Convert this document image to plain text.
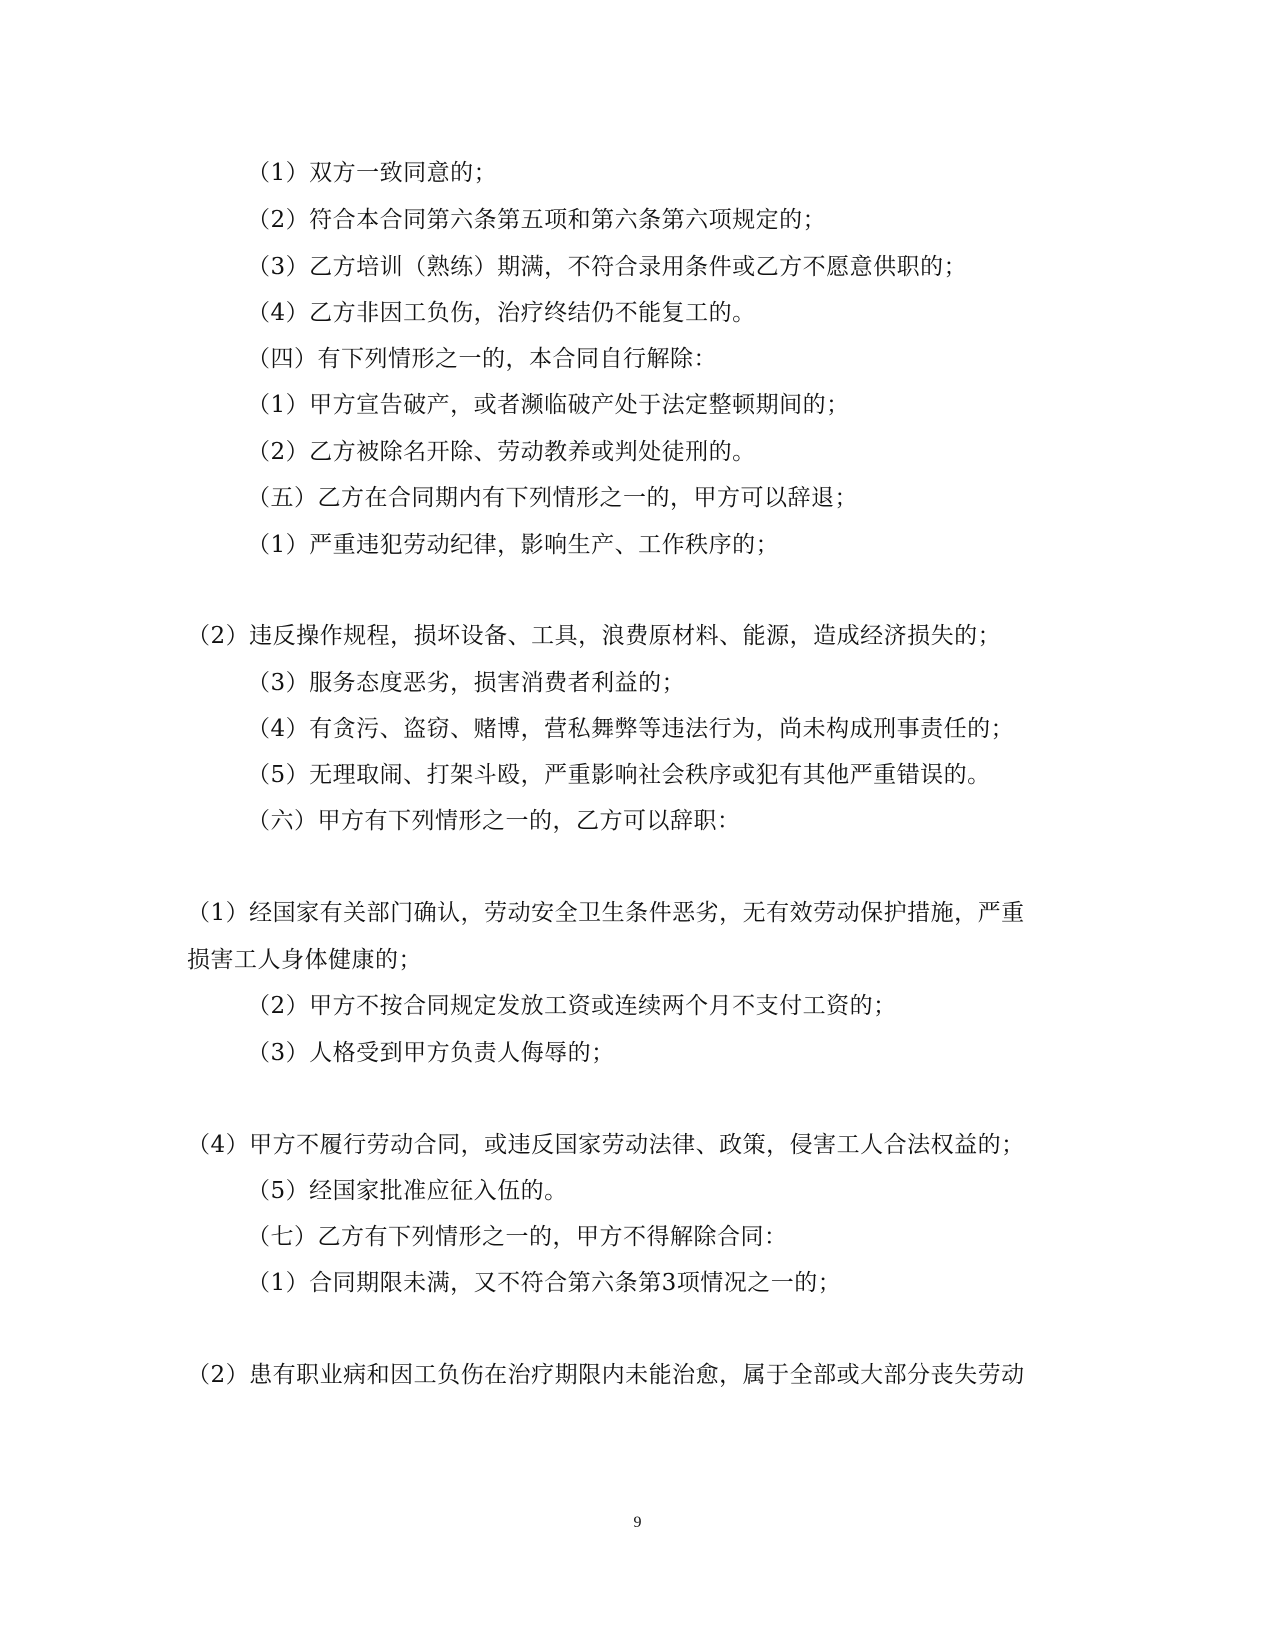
（1）双方一致同意的；
（2）符合本合同第六条第五项和第六条第六项规定的；
（3）乙方培训（熟练）期满，不符合录用条件或乙方不愿意供职的；
（4）乙方非因工负伤，治疗终结仍不能复工的。
（四）有下列情形之一的，本合同自行解除：
（1）甲方宣告破产，或者濒临破产处于法定整顿期间的；
（2）乙方被除名开除、劳动教养或判处徒刑的。
（五）乙方在合同期内有下列情形之一的，甲方可以辞退；
（1）严重违犯劳动纪律，影响生产、工作秩序的；
（2）违反操作规程，损坏设备、工具，浪费原材料、能源，造成经济损失的；
（3）服务态度恶劣，损害消费者利益的；
（4）有贪污、盗窃、赌博，营私舞弊等违法行为，尚未构成刑事责任的；
（5）无理取闹、打架斗殴，严重影响社会秩序或犯有其他严重错误的。
（六）甲方有下列情形之一的，乙方可以辞职：
（1）经国家有关部门确认，劳动安全卫生条件恶劣，无有效劳动保护措施，严重
损害工人身体健康的；
（2）甲方不按合同规定发放工资或连续两个月不支付工资的；
（3）人格受到甲方负责人侮辱的；
（4）甲方不履行劳动合同，或违反国家劳动法律、政策，侵害工人合法权益的；
（5）经国家批准应征入伍的。
（七）乙方有下列情形之一的，甲方不得解除合同：
（1）合同期限未满，又不符合第六条第3项情况之一的；
（2）患有职业病和因工负伤在治疗期限内未能治愈，属于全部或大部分丧失劳动
9
